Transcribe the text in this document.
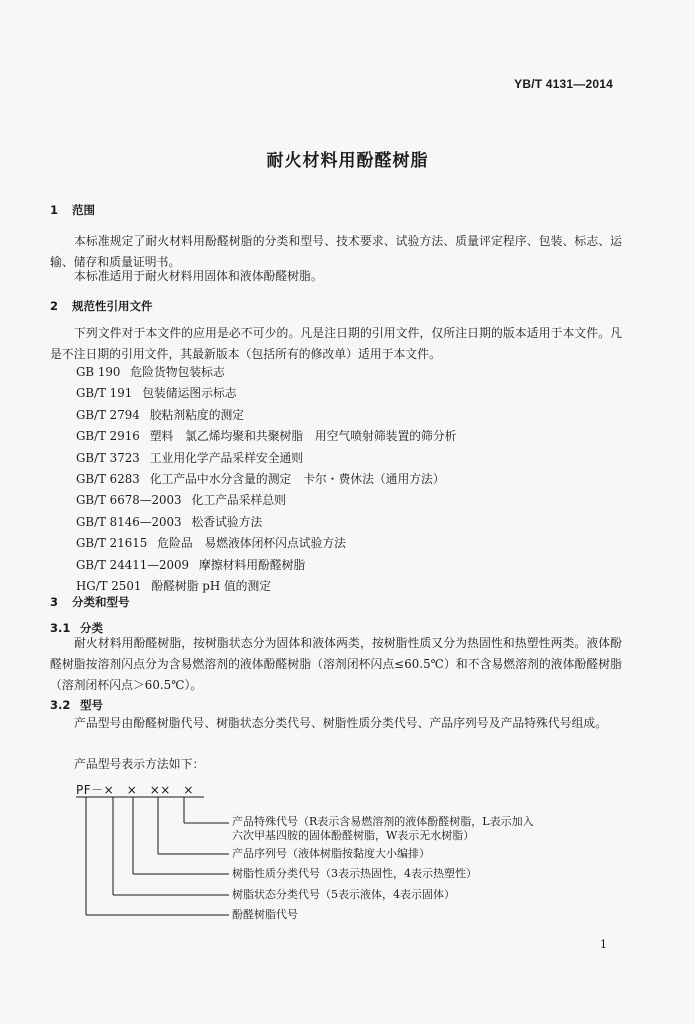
YB/T 4131—2014
耐火材料用酚醛树脂
1 范围
本标准规定了耐火材料用酚醛树脂的分类和型号、技术要求、试验方法、质量评定程序、包装、标志、运输、储存和质量证明书。
本标准适用于耐火材料用固体和液体酚醛树脂。
2 规范性引用文件
下列文件对于本文件的应用是必不可少的。凡是注日期的引用文件，仅所注日期的版本适用于本文件。凡是不注日期的引用文件，其最新版本（包括所有的修改单）适用于本文件。
GB 190 危险货物包装标志
GB/T 191 包装储运图示标志
GB/T 2794 胶粘剂粘度的测定
GB/T 2916 塑料　氯乙烯均聚和共聚树脂　用空气喷射筛装置的筛分析
GB/T 3723 工业用化学产品采样安全通则
GB/T 6283 化工产品中水分含量的测定　卡尔・费休法（通用方法）
GB/T 6678—2003 化工产品采样总则
GB/T 8146—2003 松香试验方法
GB/T 21615 危险品　易燃液体闭杯闪点试验方法
GB/T 24411—2009 摩擦材料用酚醛树脂
HG/T 2501 酚醛树脂 pH 值的测定
3 分类和型号
3.1 分类
耐火材料用酚醛树脂，按树脂状态分为固体和液体两类，按树脂性质又分为热固性和热塑性两类。液体酚醛树脂按溶剂闪点分为含易燃溶剂的液体酚醛树脂（溶剂闭杯闪点≤60.5℃）和不含易燃溶剂的液体酚醛树脂（溶剂闭杯闪点＞60.5℃）。
3.2 型号
产品型号由酚醛树脂代号、树脂状态分类代号、树脂性质分类代号、产品序列号及产品特殊代号组成。
产品型号表示方法如下：
PF－×　×　××　×
产品特殊代号（R表示含易燃溶剂的液体酚醛树脂，L表示加入
六次甲基四胺的固体酚醛树脂，W表示无水树脂）
产品序列号（液体树脂按黏度大小编排）
树脂性质分类代号（3表示热固性，4表示热塑性）
树脂状态分类代号（5表示液体，4表示固体）
酚醛树脂代号
1
